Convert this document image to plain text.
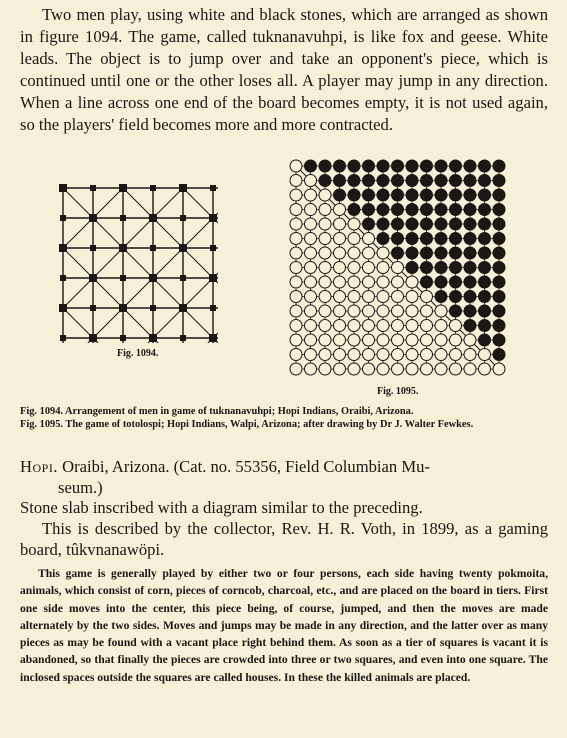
Two men play, using white and black stones, which are arranged as shown in figure 1094. The game, called tuknanavuhpi, is like fox and geese. White leads. The object is to jump over and take an opponent's piece, which is continued until one or the other loses all. A player may jump in any direction. When a line across one end of the board becomes empty, it is not used again, so the players' field becomes more and more contracted.

Fig. 1094.
Fig. 1095.

Fig. 1094. Arrangement of men in game of tuknanavuhpi; Hopi Indians, Oraibi, Arizona.

Fig. 1095. The game of totolospi; Hopi Indians, Walpi, Arizona; after drawing by Dr J. Walter Fewkes.

Hopi. Oraibi, Arizona. (Cat. no. 55356, Field Columbian Mu-
seum.)

Stone slab inscribed with a diagram similar to the preceding.

This is described by the collector, Rev. H. R. Voth, in 1899, as a gaming board, tûkvnanawöpi.

This game is generally played by either two or four persons, each side having twenty pokmoita, animals, which consist of corn, pieces of corncob, charcoal, etc., and are placed on the board in tiers. First one side moves into the center, this piece being, of course, jumped, and then the moves are made alternately by the two sides. Moves and jumps may be made in any direction, and the latter over as many pieces as may be found with a vacant place right behind them. As soon as a tier of squares is vacant it is abandoned, so that finally the pieces are crowded into three or two squares, and even into one square. The inclosed spaces outside the squares are called houses. In these the killed animals are placed.
